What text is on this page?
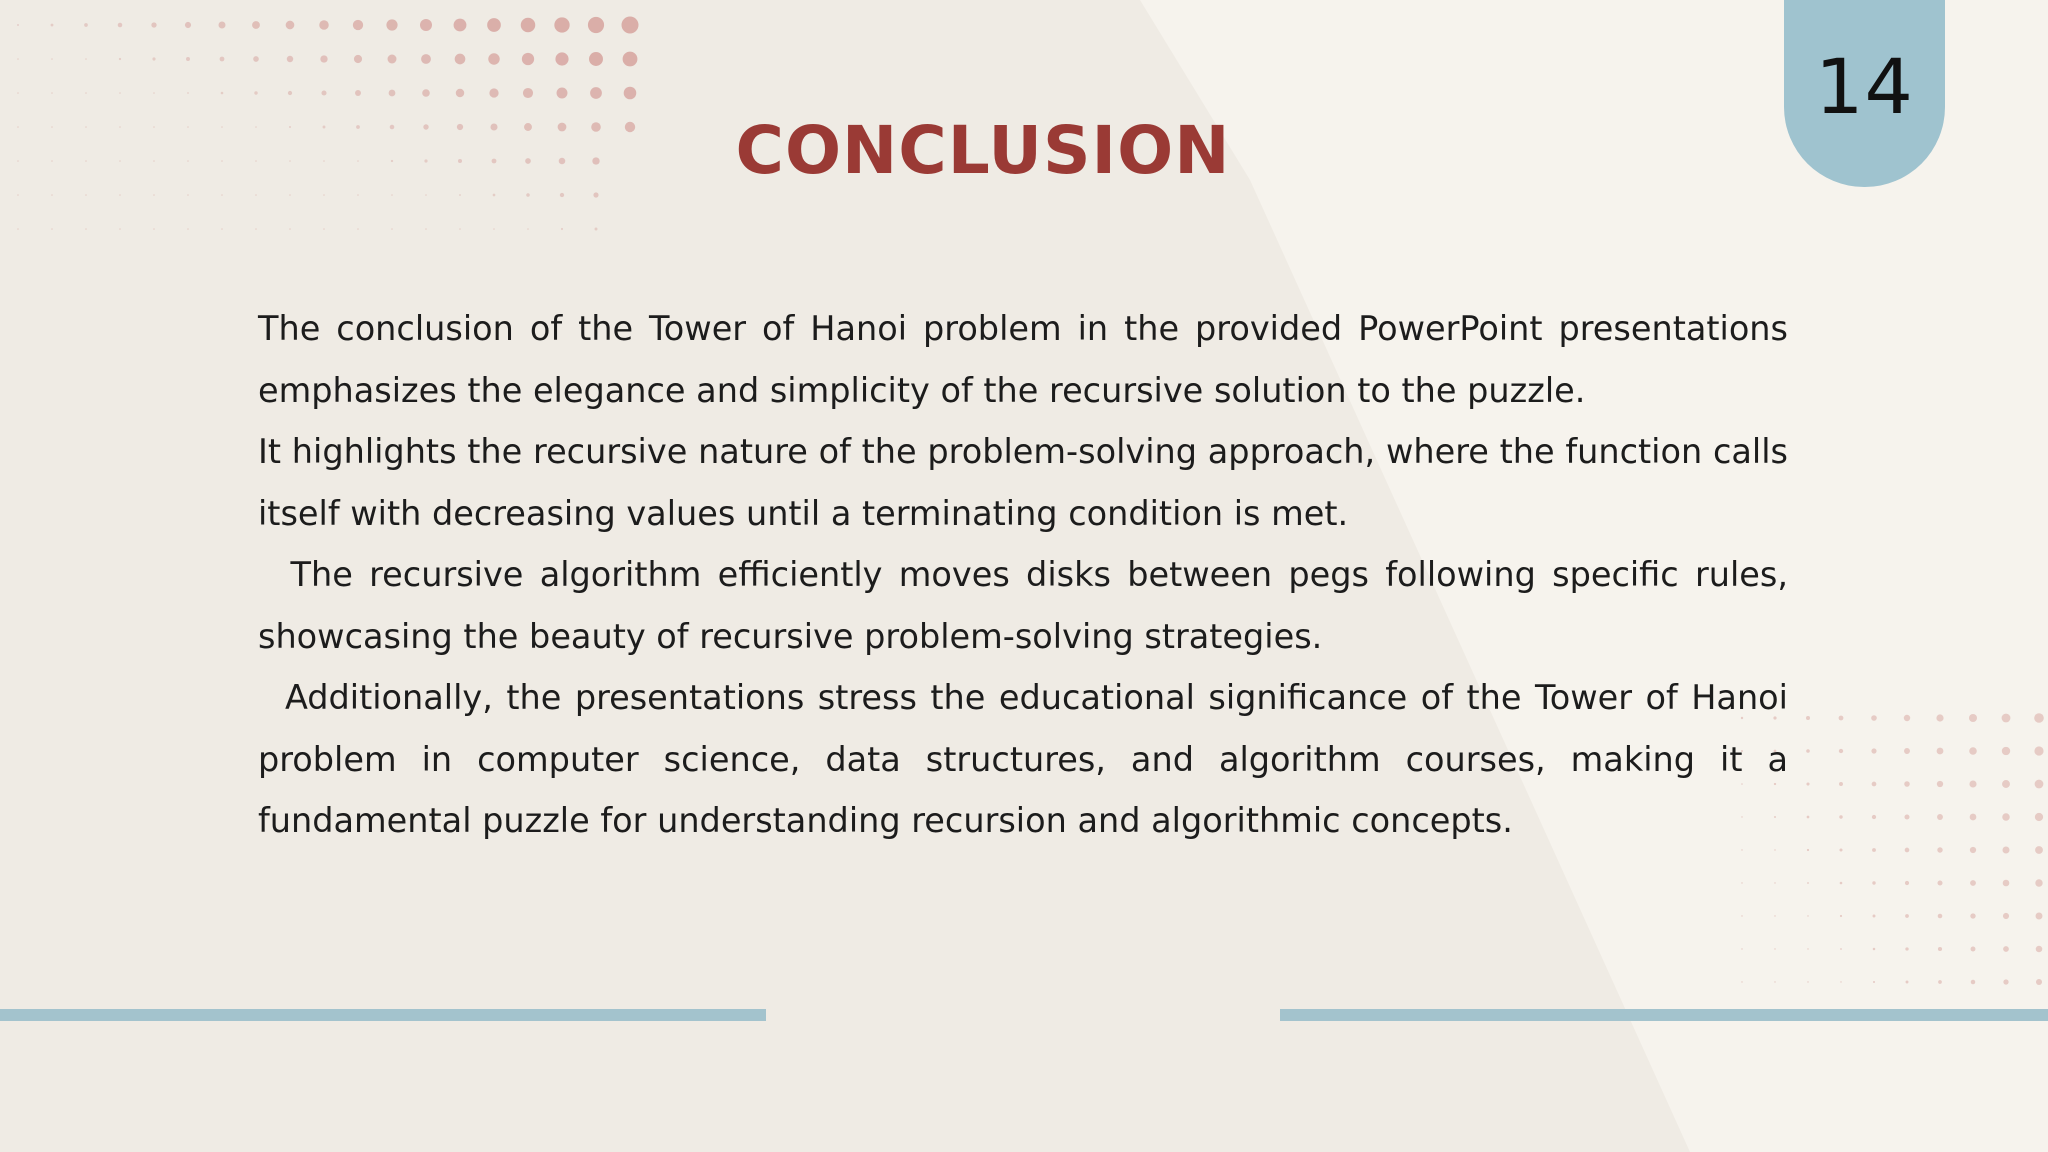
14
CONCLUSION

The conclusion of the Tower of Hanoi problem in the provided PowerPoint presentations emphasizes the elegance and simplicity of the recursive solution to the puzzle.

It highlights the recursive nature of the problem-solving approach, where the function calls itself with decreasing values until a terminating condition is met.

The recursive algorithm efficiently moves disks between pegs following specific rules, showcasing the beauty of recursive problem-solving strategies.

Additionally, the presentations stress the educational significance of the Tower of Hanoi problem in computer science, data structures, and algorithm courses, making it a fundamental puzzle for understanding recursion and algorithmic concepts.
